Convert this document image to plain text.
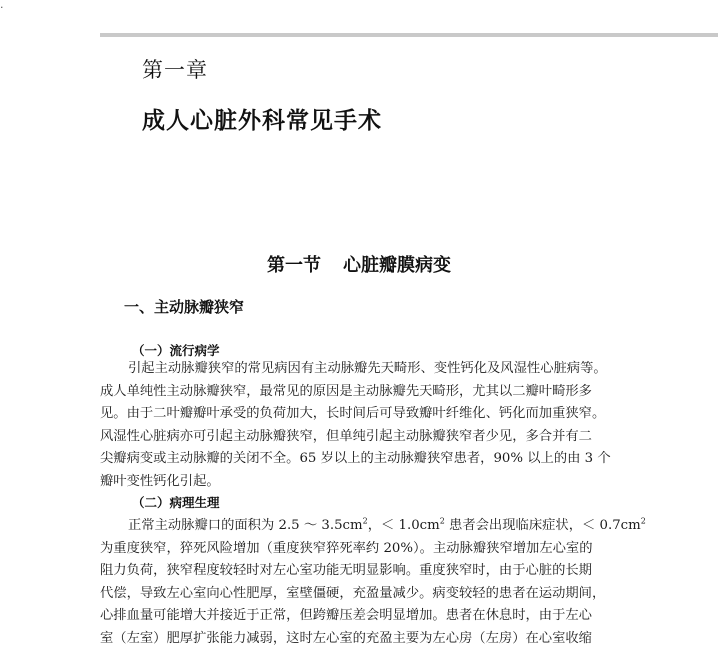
·
第一章
成人心脏外科常见手术
第一节 心脏瓣膜病变
一、主动脉瓣狭窄
（一）流行病学
引起主动脉瓣狭窄的常见病因有主动脉瓣先天畸形、变性钙化及风湿性心脏病等。
成人单纯性主动脉瓣狭窄，最常见的原因是主动脉瓣先天畸形，尤其以二瓣叶畸形多
见。由于二叶瓣瓣叶承受的负荷加大，长时间后可导致瓣叶纤维化、钙化而加重狭窄。
风湿性心脏病亦可引起主动脉瓣狭窄，但单纯引起主动脉瓣狭窄者少见，多合并有二
尖瓣病变或主动脉瓣的关闭不全。65 岁以上的主动脉瓣狭窄患者，90% 以上的由 3 个
瓣叶变性钙化引起。
（二）病理生理
正常主动脉瓣口的面积为 2.5 ～ $3.5cm^2$，＜ $1.0cm^2$ 患者会出现临床症状，＜ $0.7cm^2$
为重度狭窄，猝死风险增加（重度狭窄猝死率约 20%）。主动脉瓣狭窄增加左心室的
阻力负荷，狭窄程度较轻时对左心室功能无明显影响。重度狭窄时，由于心脏的长期
代偿，导致左心室向心性肥厚，室壁僵硬，充盈量减少。病变较轻的患者在运动期间，
心排血量可能增大并接近于正常，但跨瓣压差会明显增加。患者在休息时，由于左心
室（左室）肥厚扩张能力减弱，这时左心室的充盈主要为左心房（左房）在心室收缩
